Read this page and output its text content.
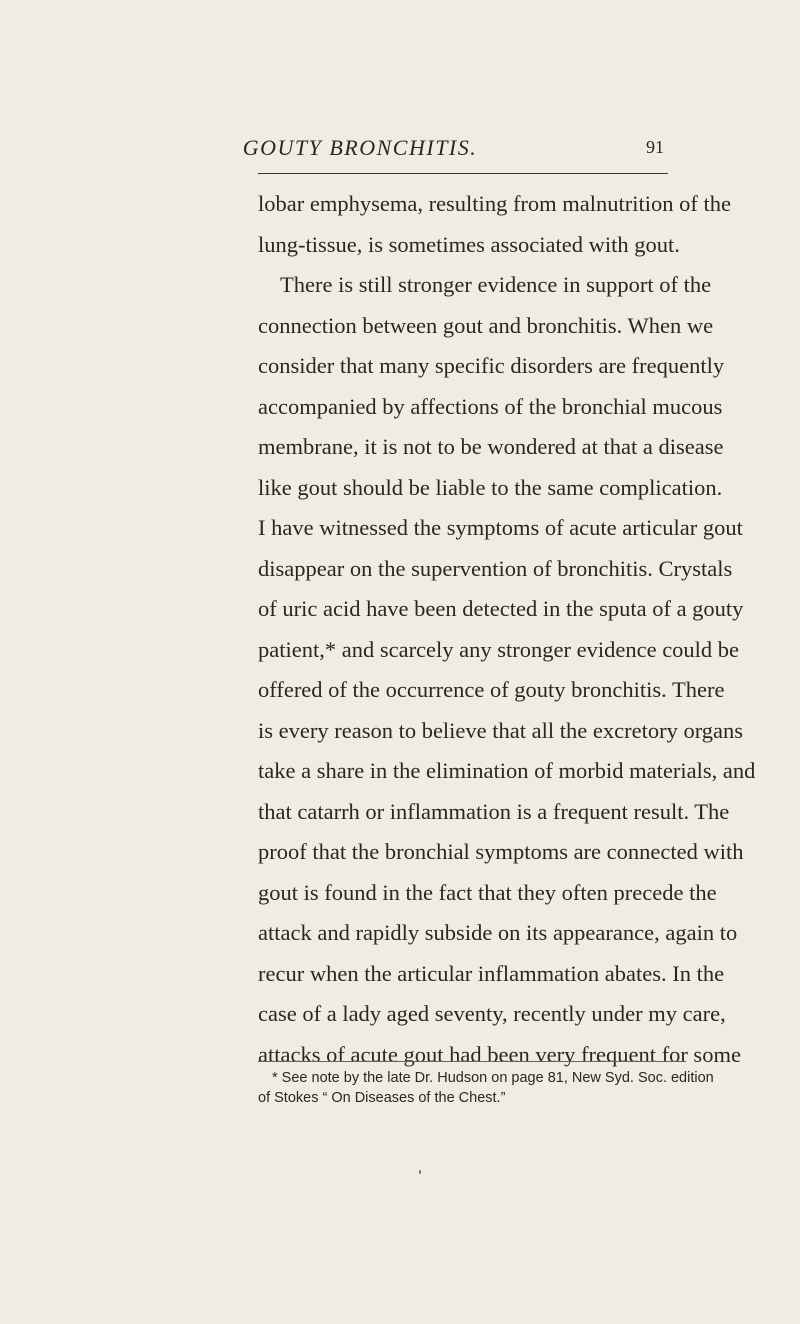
GOUTY BRONCHITIS.	91
lobar emphysema, resulting from malnutrition of the
lung-tissue, is sometimes associated with gout.
There is still stronger evidence in support of the
connection between gout and bronchitis. When we
consider that many specific disorders are frequently
accompanied by affections of the bronchial mucous
membrane, it is not to be wondered at that a disease
like gout should be liable to the same complication.
I have witnessed the symptoms of acute articular gout
disappear on the supervention of bronchitis. Crystals
of uric acid have been detected in the sputa of a gouty
patient,* and scarcely any stronger evidence could be
offered of the occurrence of gouty bronchitis. There
is every reason to believe that all the excretory organs
take a share in the elimination of morbid materials, and
that catarrh or inflammation is a frequent result. The
proof that the bronchial symptoms are connected with
gout is found in the fact that they often precede the
attack and rapidly subside on its appearance, again to
recur when the articular inflammation abates. In the
case of a lady aged seventy, recently under my care,
attacks of acute gout had been very frequent for some
* See note by the late Dr. Hudson on page 81, New Syd. Soc. edition
of Stokes “ On Diseases of the Chest.”
